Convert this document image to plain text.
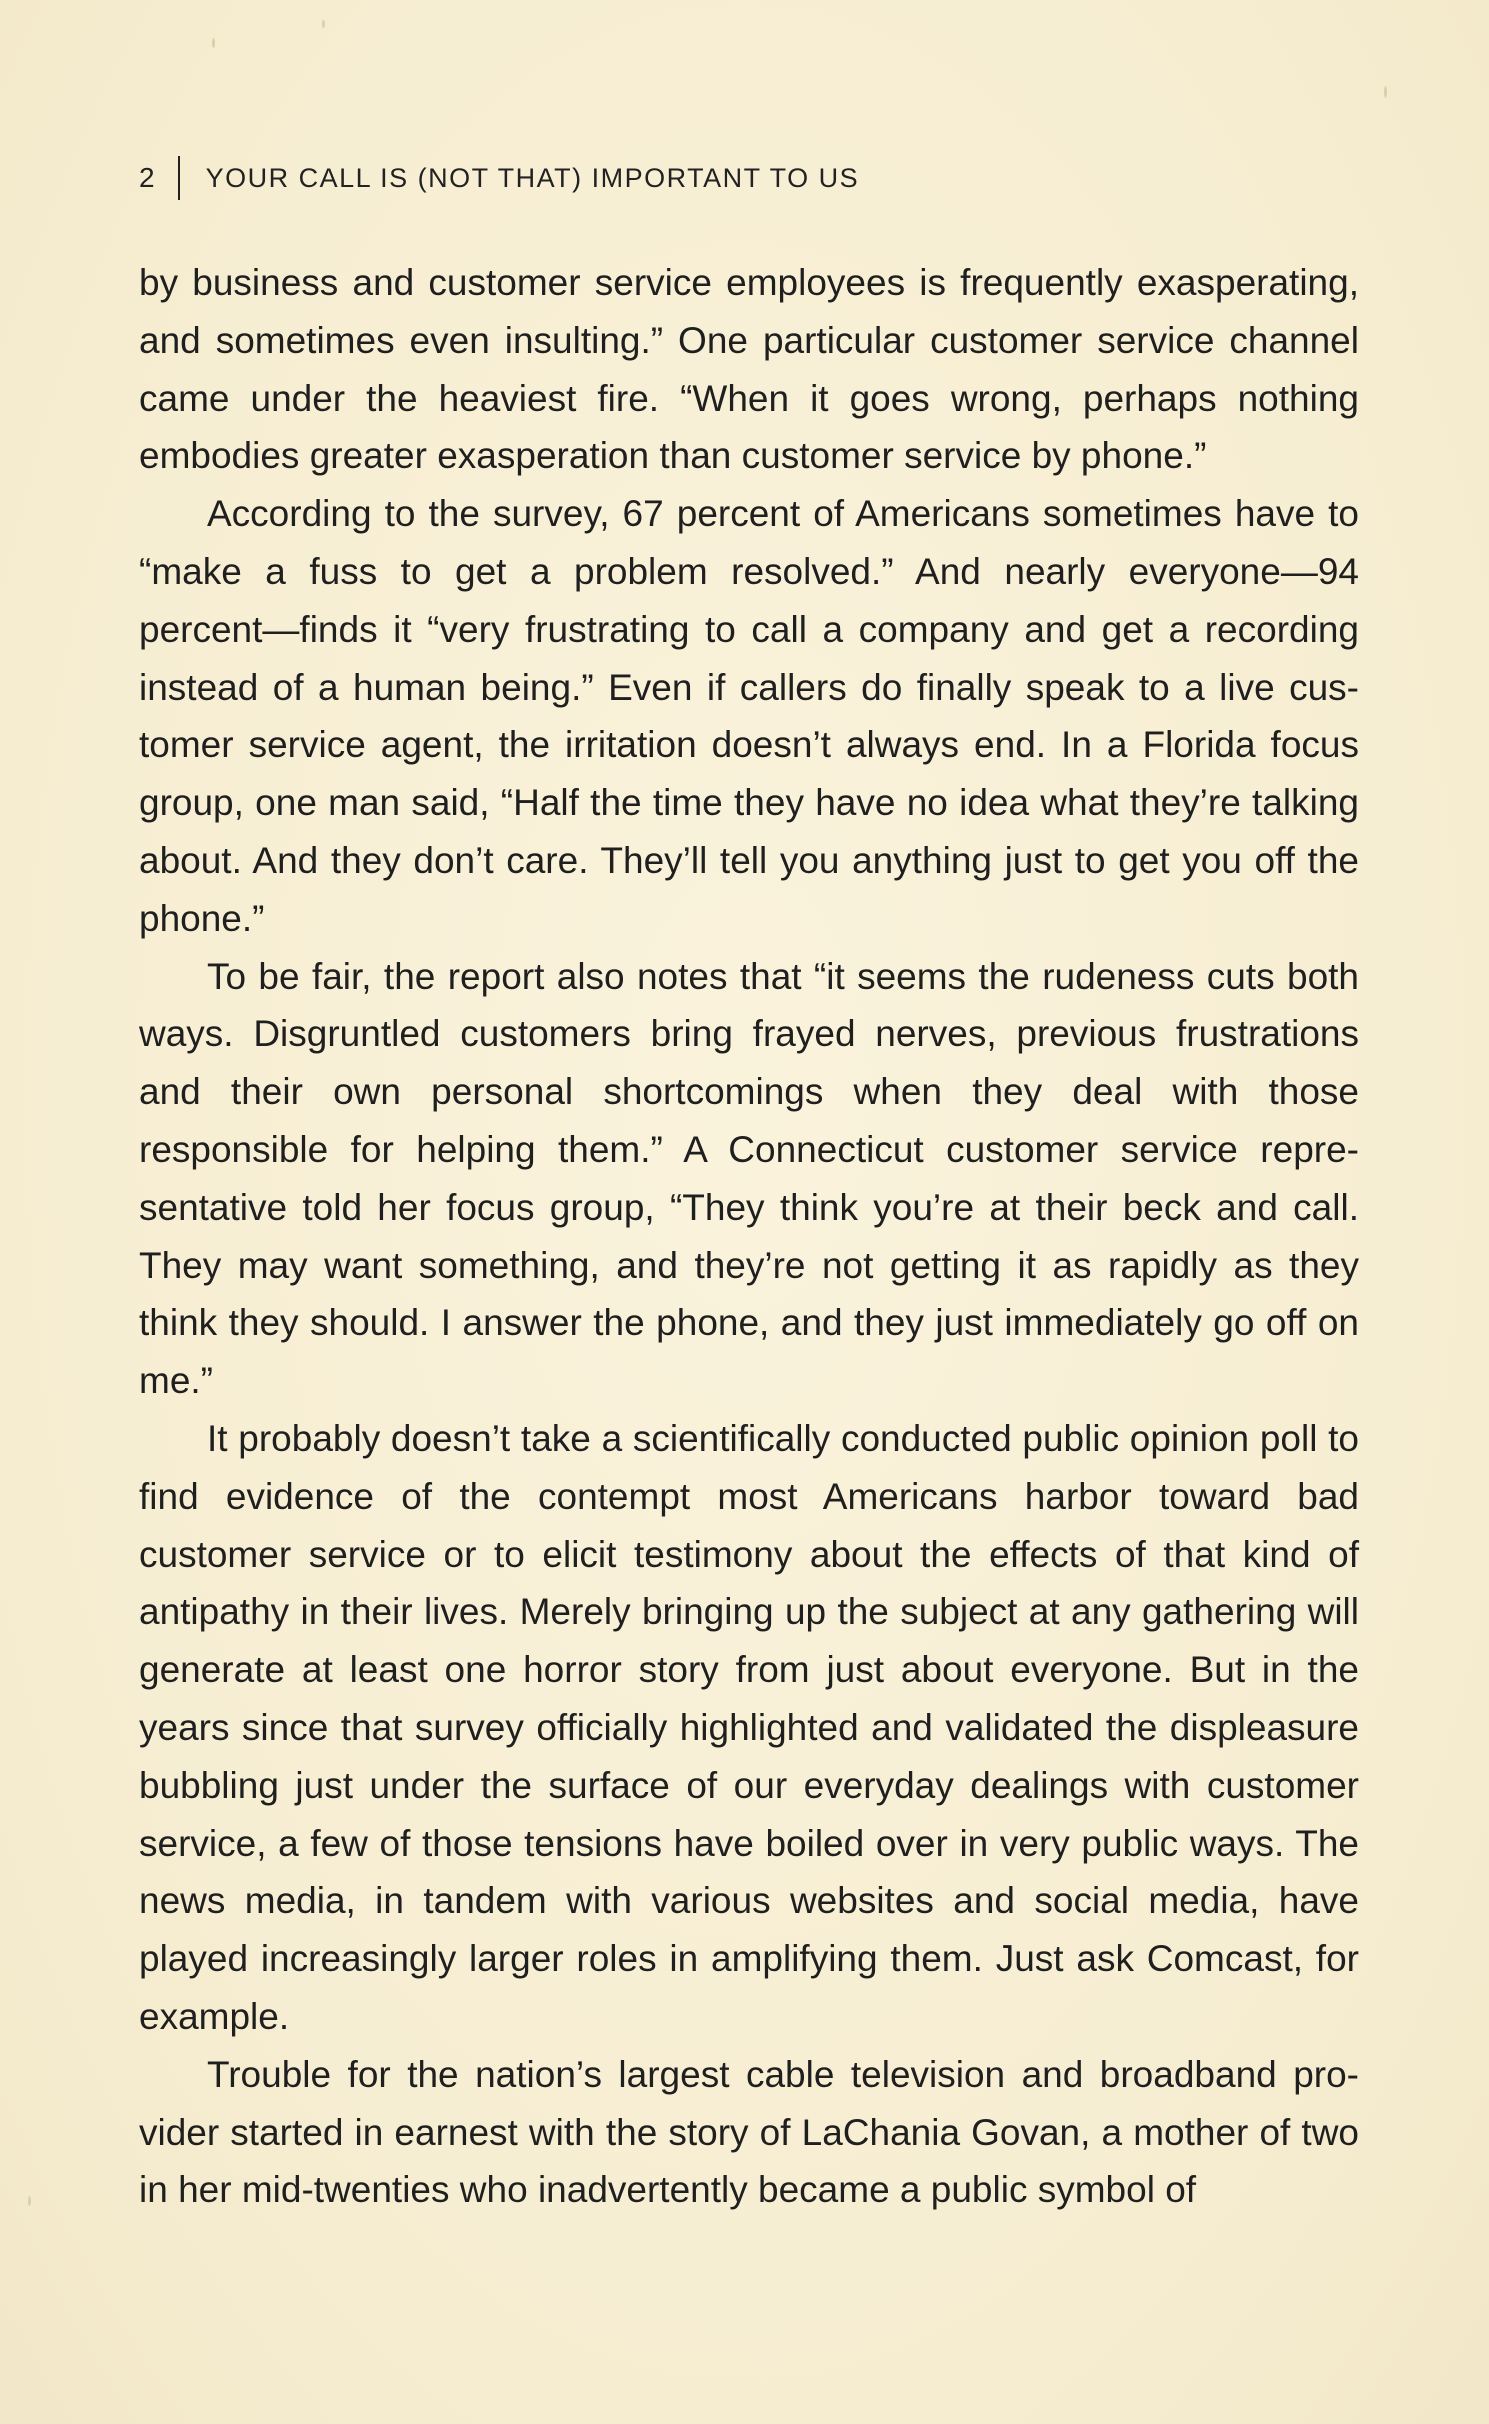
2 YOUR CALL IS (NOT THAT) IMPORTANT TO US

by business and customer service employees is frequently exasperating, and sometimes even insulting.” One particular customer service channel came under the heaviest fire. “When it goes wrong, perhaps nothing embodies greater exasperation than customer service by phone.”

According to the survey, 67 percent of Americans sometimes have to “make a fuss to get a problem resolved.” And nearly everyone—94 percent—finds it “very frustrating to call a company and get a recording instead of a human being.” Even if callers do finally speak to a live customer service agent, the irritation doesn’t always end. In a Florida focus group, one man said, “Half the time they have no idea what they’re talking about. And they don’t care. They’ll tell you anything just to get you off the phone.”

To be fair, the report also notes that “it seems the rudeness cuts both ways. Disgruntled customers bring frayed nerves, previous frustrations and their own personal shortcomings when they deal with those responsible for helping them.” A Connecticut customer service representative told her focus group, “They think you’re at their beck and call. They may want something, and they’re not getting it as rapidly as they think they should. I answer the phone, and they just immediately go off on me.”

It probably doesn’t take a scientifically conducted public opinion poll to find evidence of the contempt most Americans harbor toward bad customer service or to elicit testimony about the effects of that kind of antipathy in their lives. Merely bringing up the subject at any gathering will generate at least one horror story from just about everyone. But in the years since that survey officially highlighted and validated the displeasure bubbling just under the surface of our everyday dealings with customer service, a few of those tensions have boiled over in very public ways. The news media, in tandem with various websites and social media, have played increasingly larger roles in amplifying them. Just ask Comcast, for example.

Trouble for the nation’s largest cable television and broadband provider started in earnest with the story of LaChania Govan, a mother of two in her mid-twenties who inadvertently became a public symbol of
